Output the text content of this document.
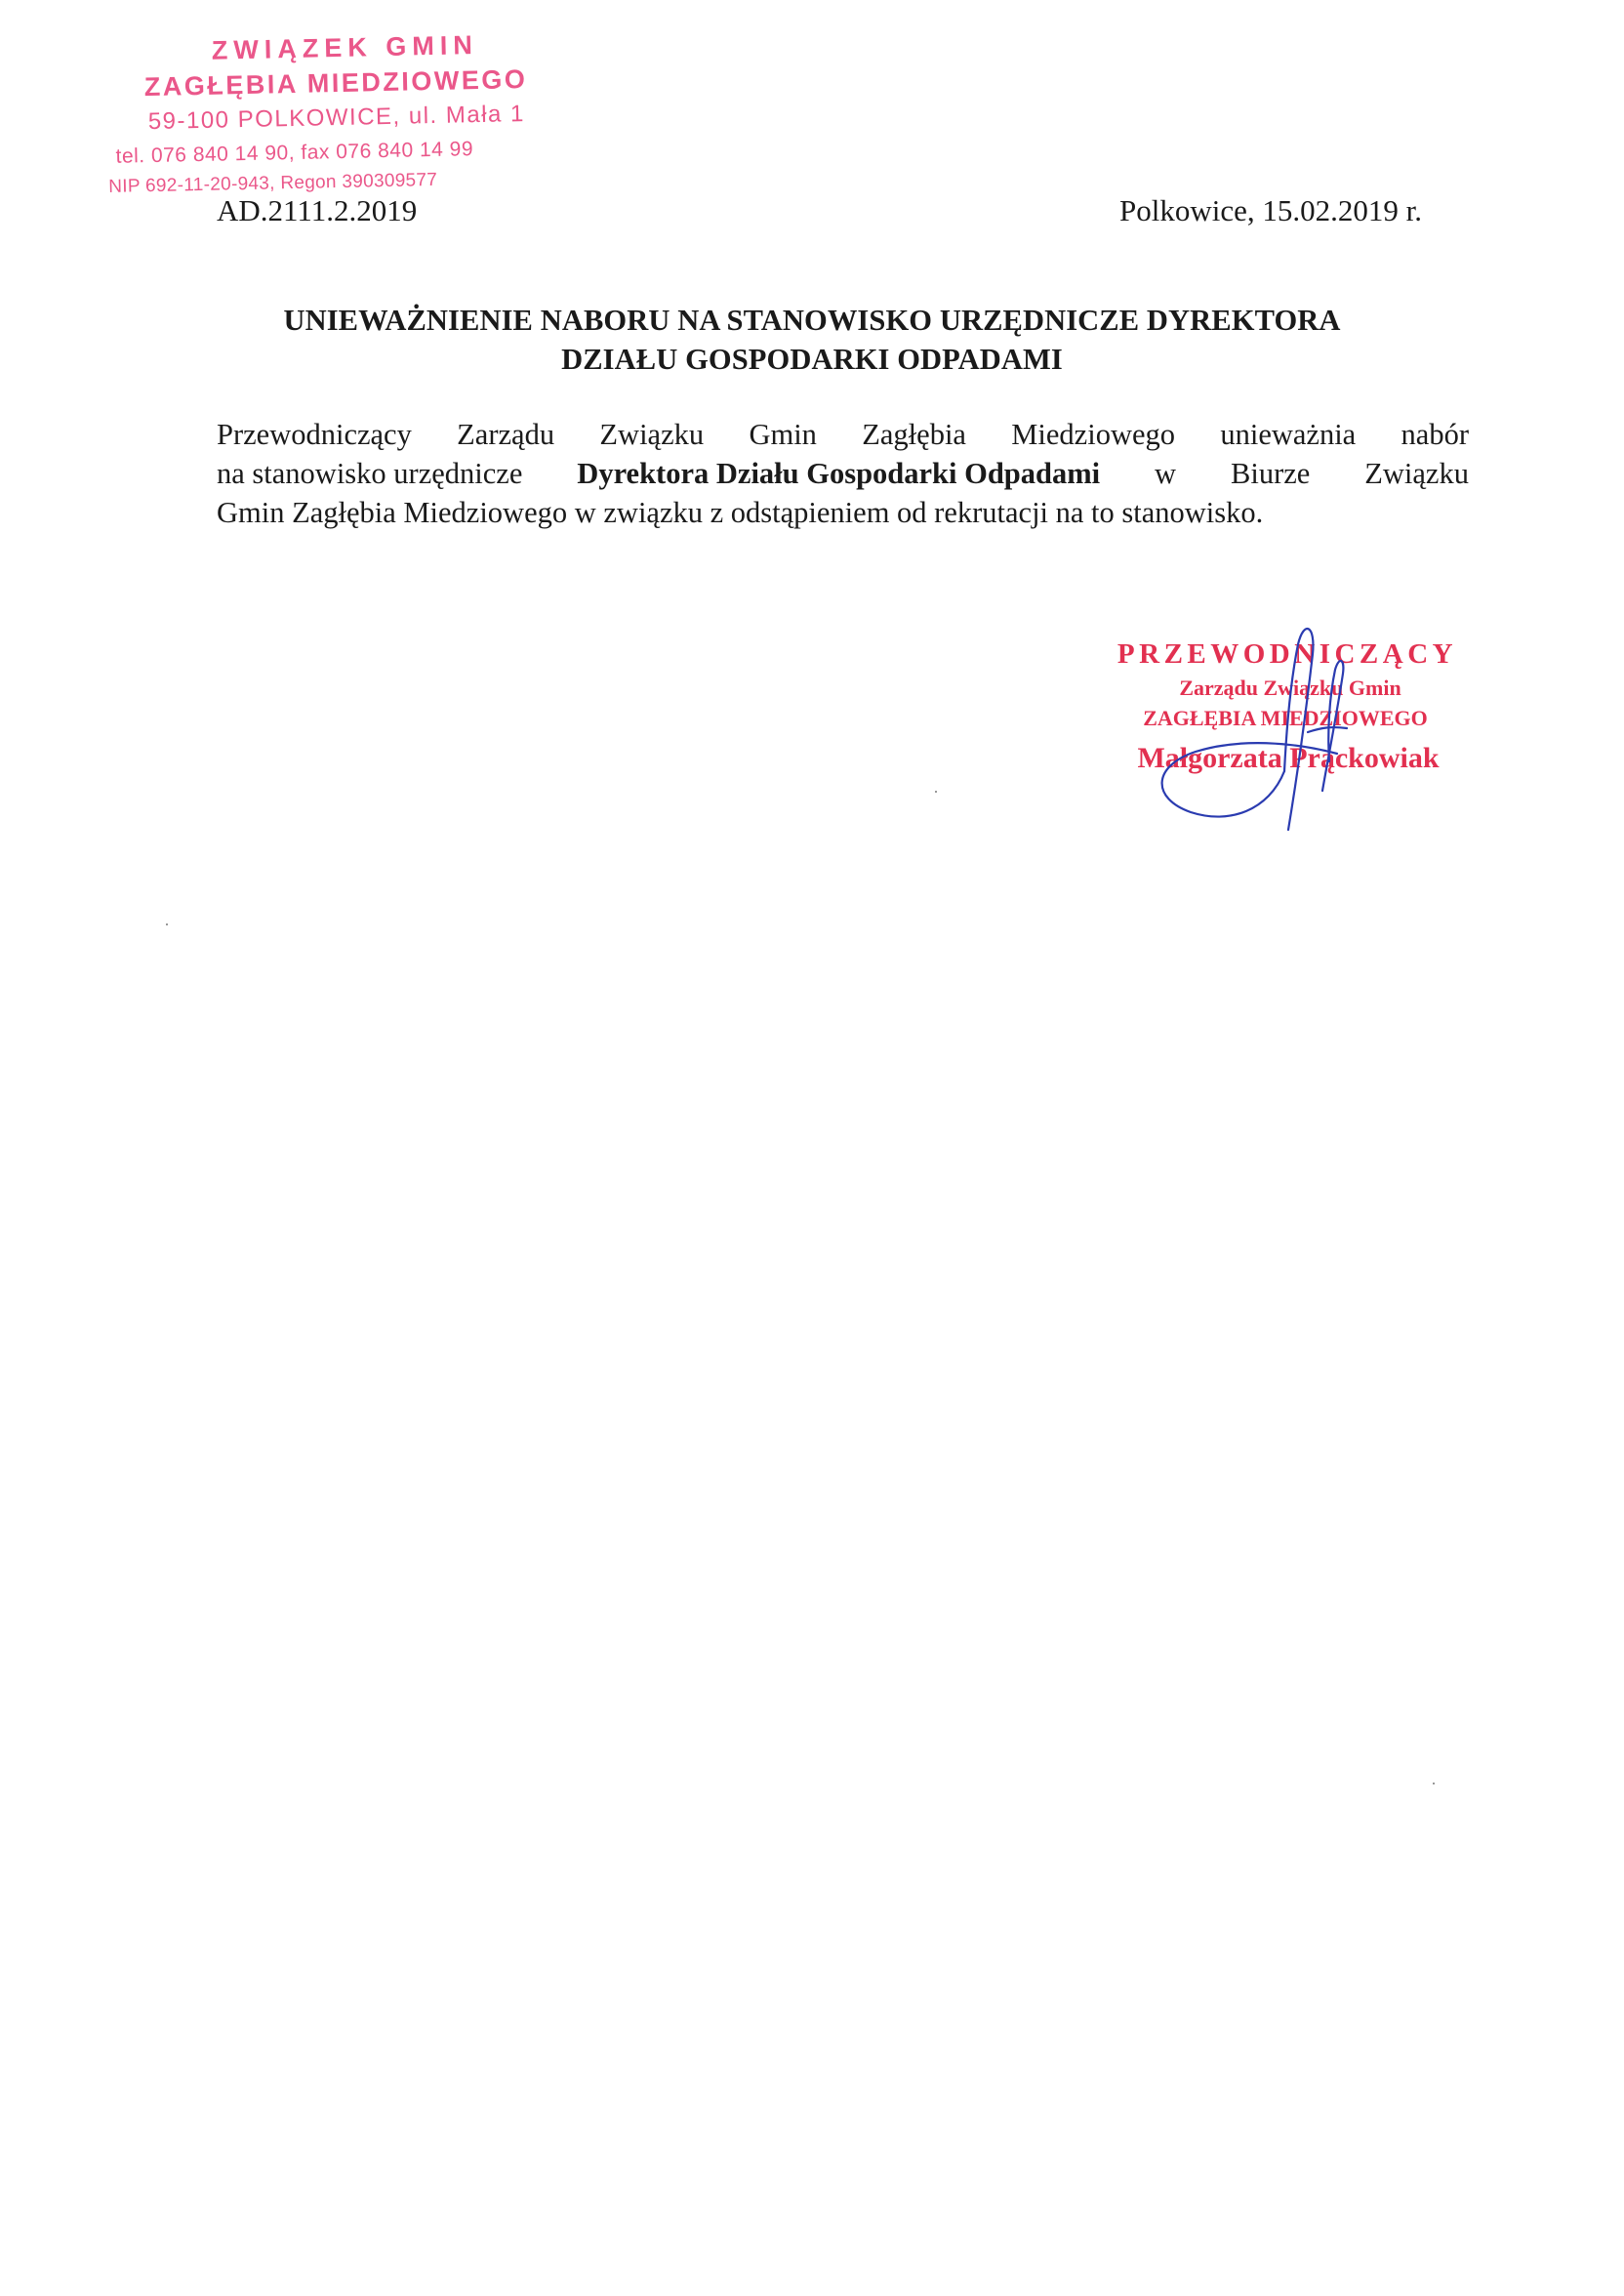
ZWIĄZEK GMIN
ZAGŁĘBIA MIEDZIOWEGO
59-100 POLKOWICE, ul. Mała 1
tel. 076 840 14 90, fax 076 840 14 99
NIP 692-11-20-943, Regon 390309577
AD.2111.2.2019	Polkowice, 15.02.2019 r.
UNIEWAŻNIENIE NABORU NA STANOWISKO URZĘDNICZE DYREKTORA
DZIAŁU GOSPODARKI ODPADAMI
Przewodniczący Zarządu Związku Gmin Zagłębia Miedziowego unieważnia nabór
na stanowisko urzędnicze Dyrektora Działu Gospodarki Odpadami w Biurze Związku
Gmin Zagłębia Miedziowego w związku z odstąpieniem od rekrutacji na to stanowisko.
PRZEWODNICZĄCY
Zarządu Związku Gmin
ZAGŁĘBIA MIEDZIOWEGO
Małgorzata Prąckowiak
